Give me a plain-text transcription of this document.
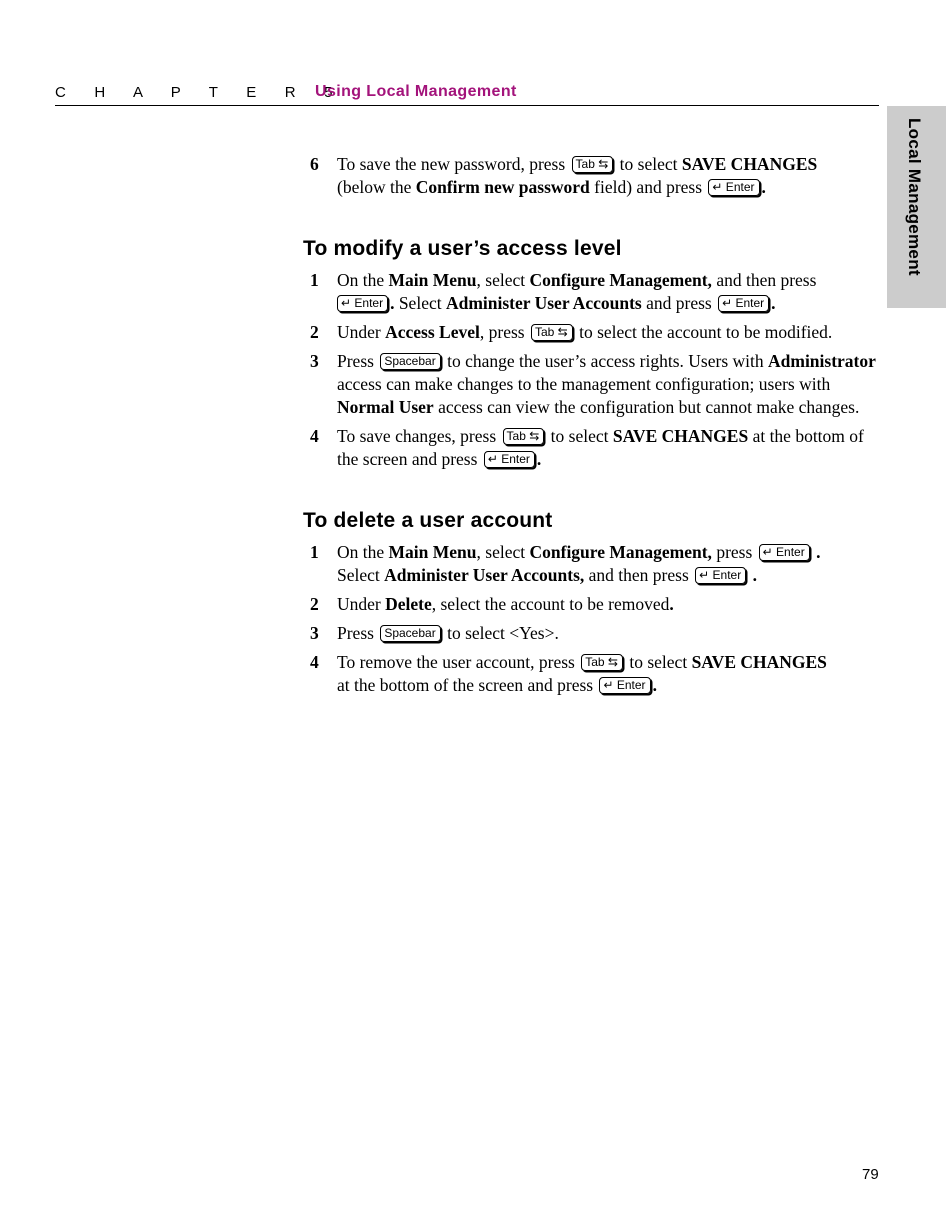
C H A P T E R 5
Using Local Management
Local Management
6 To save the new password, press Tab ⇆ to select SAVE CHANGES
(below the Confirm new password field) and press ↵ Enter .
To modify a user’s access level
1 On the Main Menu, select Configure Management, and then press
↵ Enter . Select Administer User Accounts and press ↵ Enter .
2 Under Access Level, press Tab ⇆ to select the account to be modified.
3 Press Spacebar to change the user’s access rights. Users with Administrator access can make changes to the management configuration; users with Normal User access can view the configuration but cannot make changes.
4 To save changes, press Tab ⇆ to select SAVE CHANGES at the bottom of the screen and press ↵ Enter .
To delete a user account
1 On the Main Menu, select Configure Management, press ↵ Enter .
Select Administer User Accounts, and then press ↵ Enter .
2 Under Delete, select the account to be removed.
3 Press Spacebar to select <Yes>.
4 To remove the user account, press Tab ⇆ to select SAVE CHANGES
at the bottom of the screen and press ↵ Enter .
79
